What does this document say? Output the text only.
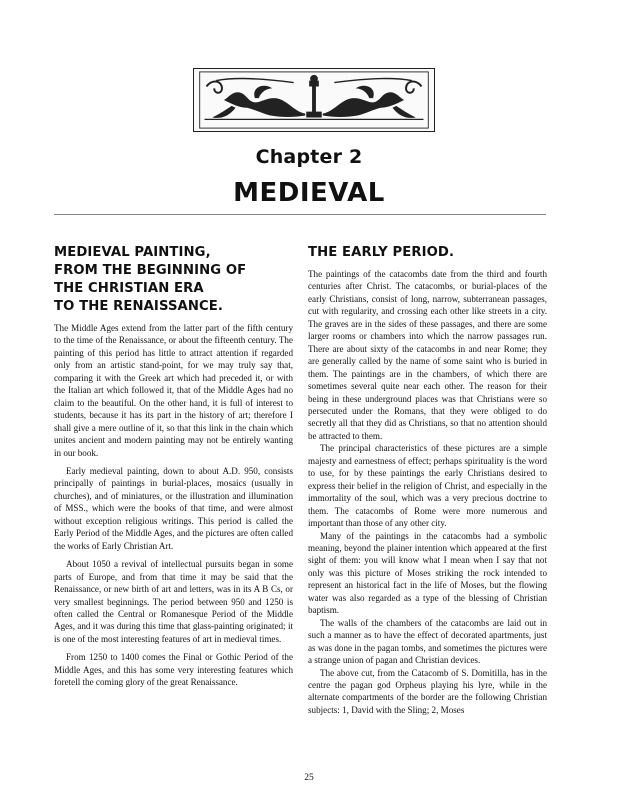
Chapter 2
MEDIEVAL
MEDIEVAL PAINTING,
FROM THE BEGINNING OF
THE CHRISTIAN ERA
TO THE RENAISSANCE.

The Middle Ages extend from the latter part of the fifth century to the time of the Renaissance, or about the fifteenth century. The painting of this period has little to attract attention if regarded only from an artistic stand-point, for we may truly say that, comparing it with the Greek art which had preceded it, or with the Italian art which followed it, that of the Middle Ages had no claim to the beautiful. On the other hand, it is full of interest to students, because it has its part in the history of art; therefore I shall give a mere outline of it, so that this link in the chain which unites ancient and modern painting may not be entirely wanting in our book.

Early medieval painting, down to about A.D. 950, consists principally of paintings in burial-places, mosaics (usually in churches), and of miniatures, or the illustration and illumination of MSS., which were the books of that time, and were almost without exception religious writings. This period is called the Early Period of the Middle Ages, and the pictures are often called the works of Early Christian Art.

About 1050 a revival of intellectual pursuits began in some parts of Europe, and from that time it may be said that the Renaissance, or new birth of art and letters, was in its A B Cs, or very smallest beginnings. The period between 950 and 1250 is often called the Central or Romanesque Period of the Middle Ages, and it was during this time that glass-painting originated; it is one of the most interesting features of art in medieval times.

From 1250 to 1400 comes the Final or Gothic Period of the Middle Ages, and this has some very interesting features which foretell the coming glory of the great Renaissance.

THE EARLY PERIOD.

The paintings of the catacombs date from the third and fourth centuries after Christ. The catacombs, or burial-places of the early Christians, consist of long, narrow, subterranean passages, cut with regularity, and crossing each other like streets in a city. The graves are in the sides of these passages, and there are some larger rooms or chambers into which the narrow passages run. There are about sixty of the catacombs in and near Rome; they are generally called by the name of some saint who is buried in them. The paintings are in the chambers, of which there are sometimes several quite near each other. The reason for their being in these underground places was that Christians were so persecuted under the Romans, that they were obliged to do secretly all that they did as Christians, so that no attention should be attracted to them.

The principal characteristics of these pictures are a simple majesty and earnestness of effect; perhaps spirituality is the word to use, for by these paintings the early Christians desired to express their belief in the religion of Christ, and especially in the immortality of the soul, which was a very precious doctrine to them. The catacombs of Rome were more numerous and important than those of any other city.

Many of the paintings in the catacombs had a symbolic meaning, beyond the plainer intention which appeared at the first sight of them: you will know what I mean when I say that not only was this picture of Moses striking the rock intended to represent an historical fact in the life of Moses, but the flowing water was also regarded as a type of the blessing of Christian baptism.

The walls of the chambers of the catacombs are laid out in such a manner as to have the effect of decorated apartments, just as was done in the pagan tombs, and sometimes the pictures were a strange union of pagan and Christian devices.

The above cut, from the Catacomb of S. Domitilla, has in the centre the pagan god Orpheus playing his lyre, while in the alternate compartments of the border are the following Christian subjects: 1, David with the Sling; 2, Moses

25
